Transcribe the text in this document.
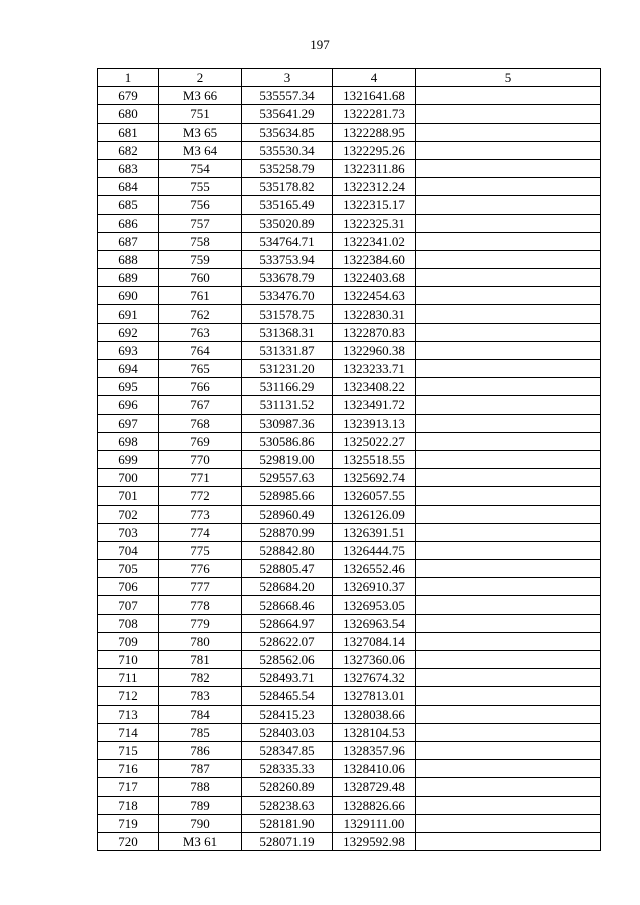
197
1	2	3	4	5
679	МЗ 66	535557.34	1321641.68	
680	751	535641.29	1322281.73	
681	МЗ 65	535634.85	1322288.95	
682	МЗ 64	535530.34	1322295.26	
683	754	535258.79	1322311.86	
684	755	535178.82	1322312.24	
685	756	535165.49	1322315.17	
686	757	535020.89	1322325.31	
687	758	534764.71	1322341.02	
688	759	533753.94	1322384.60	
689	760	533678.79	1322403.68	
690	761	533476.70	1322454.63	
691	762	531578.75	1322830.31	
692	763	531368.31	1322870.83	
693	764	531331.87	1322960.38	
694	765	531231.20	1323233.71	
695	766	531166.29	1323408.22	
696	767	531131.52	1323491.72	
697	768	530987.36	1323913.13	
698	769	530586.86	1325022.27	
699	770	529819.00	1325518.55	
700	771	529557.63	1325692.74	
701	772	528985.66	1326057.55	
702	773	528960.49	1326126.09	
703	774	528870.99	1326391.51	
704	775	528842.80	1326444.75	
705	776	528805.47	1326552.46	
706	777	528684.20	1326910.37	
707	778	528668.46	1326953.05	
708	779	528664.97	1326963.54	
709	780	528622.07	1327084.14	
710	781	528562.06	1327360.06	
711	782	528493.71	1327674.32	
712	783	528465.54	1327813.01	
713	784	528415.23	1328038.66	
714	785	528403.03	1328104.53	
715	786	528347.85	1328357.96	
716	787	528335.33	1328410.06	
717	788	528260.89	1328729.48	
718	789	528238.63	1328826.66	
719	790	528181.90	1329111.00	
720	МЗ 61	528071.19	1329592.98	
